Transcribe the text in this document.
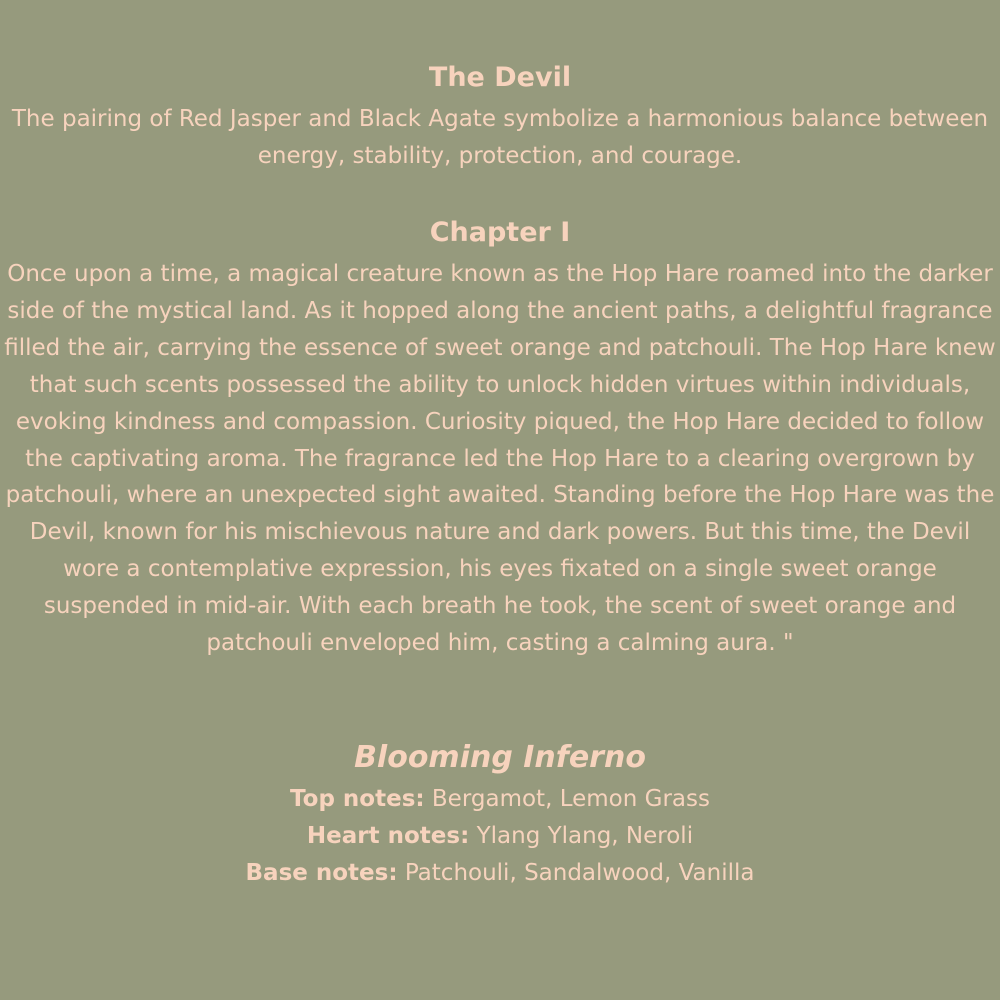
The Devil

The pairing of Red Jasper and Black Agate symbolize a harmonious balance between energy, stability, protection, and courage.

Chapter I

Once upon a time, a magical creature known as the Hop Hare roamed into the darker side of the mystical land. As it hopped along the ancient paths, a delightful fragrance filled the air, carrying the essence of sweet orange and patchouli. The Hop Hare knew that such scents possessed the ability to unlock hidden virtues within individuals, evoking kindness and compassion. Curiosity piqued, the Hop Hare decided to follow the captivating aroma. The fragrance led the Hop Hare to a clearing overgrown by patchouli, where an unexpected sight awaited. Standing before the Hop Hare was the Devil, known for his mischievous nature and dark powers. But this time, the Devil wore a contemplative expression, his eyes fixated on a single sweet orange suspended in mid-air. With each breath he took, the scent of sweet orange and patchouli enveloped him, casting a calming aura. "

Blooming Inferno
Top notes: Bergamot, Lemon Grass
Heart notes: Ylang Ylang, Neroli
Base notes: Patchouli, Sandalwood, Vanilla
